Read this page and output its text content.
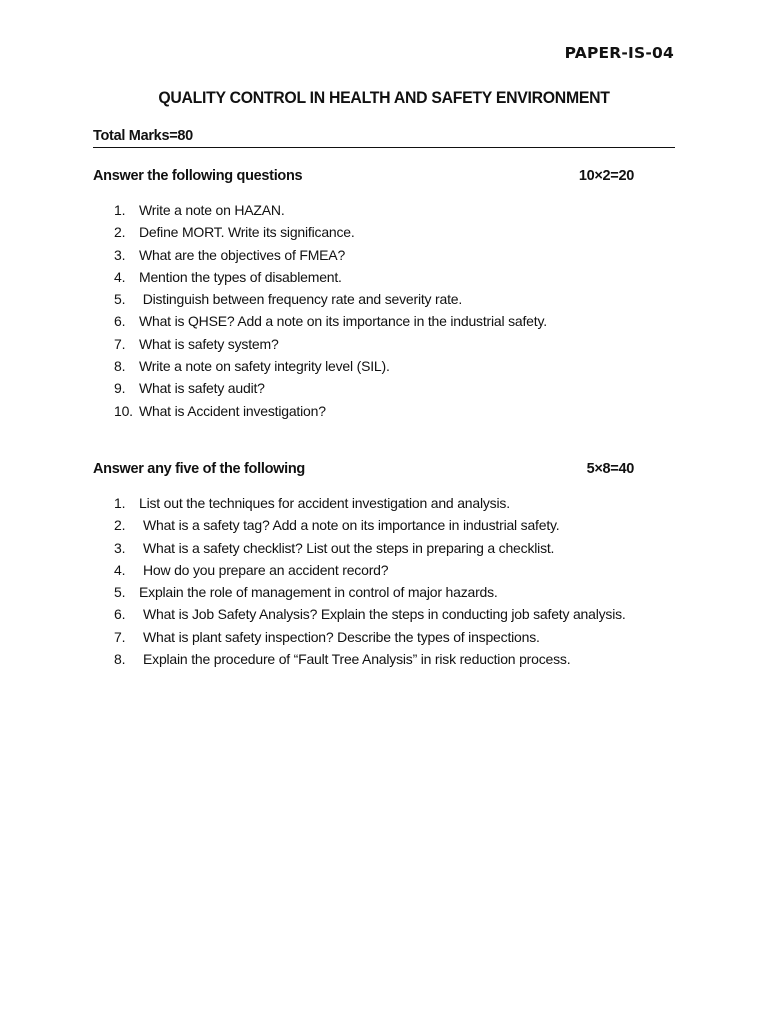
PAPER-IS-04
QUALITY CONTROL IN HEALTH AND SAFETY ENVIRONMENT
Total Marks=80
Answer the following questions	10×2=20
1. Write a note on HAZAN.
2. Define MORT. Write its significance.
3. What are the objectives of FMEA?
4. Mention the types of disablement.
5. Distinguish between frequency rate and severity rate.
6. What is QHSE? Add a note on its importance in the industrial safety.
7. What is safety system?
8. Write a note on safety integrity level (SIL).
9. What is safety audit?
10. What is Accident investigation?
Answer any five of the following	5×8=40
1. List out the techniques for accident investigation and analysis.
2. What is a safety tag? Add a note on its importance in industrial safety.
3. What is a safety checklist? List out the steps in preparing a checklist.
4. How do you prepare an accident record?
5. Explain the role of management in control of major hazards.
6. What is Job Safety Analysis? Explain the steps in conducting job safety analysis.
7. What is plant safety inspection? Describe the types of inspections.
8. Explain the procedure of “Fault Tree Analysis” in risk reduction process.
